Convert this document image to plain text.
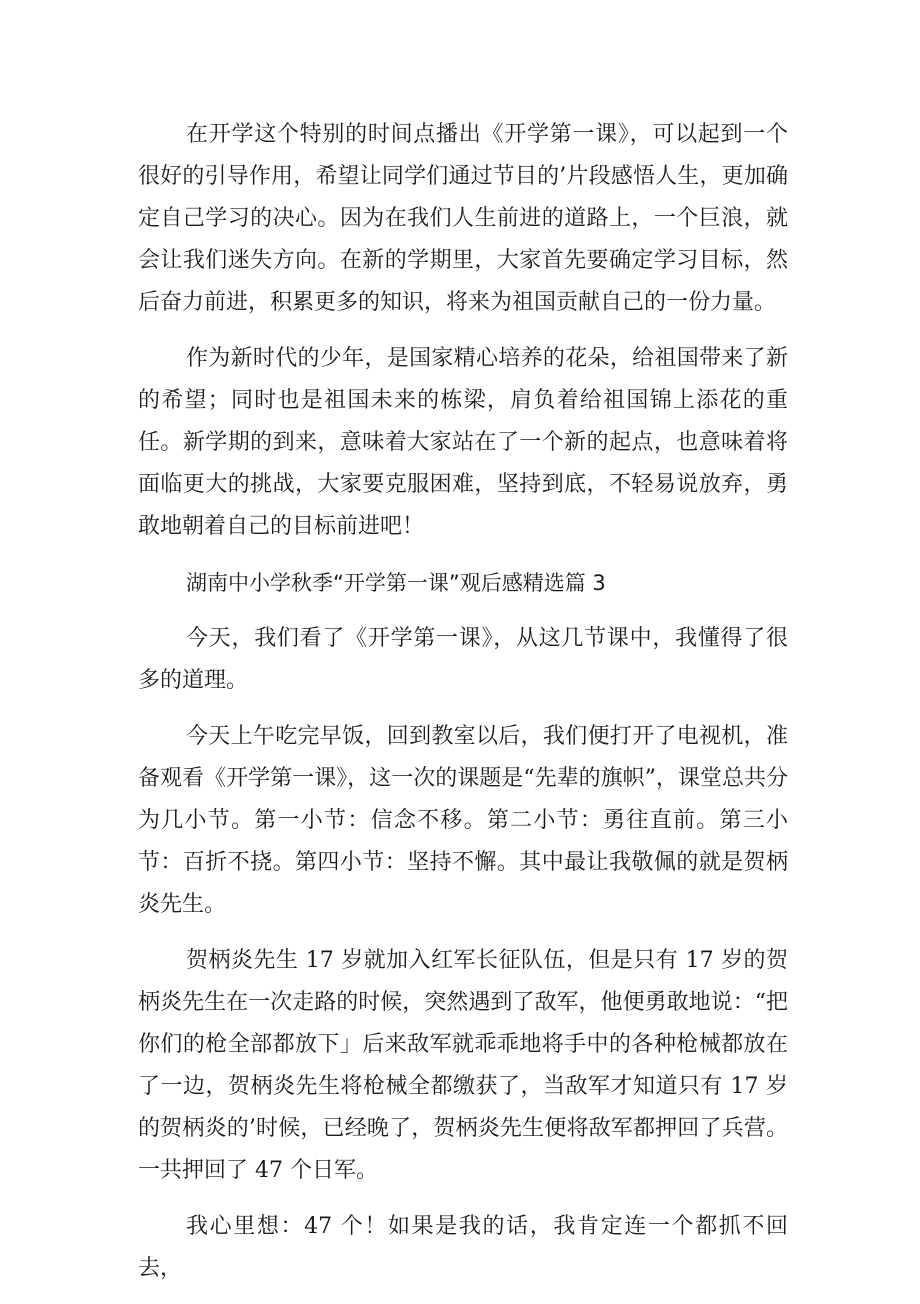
在开学这个特别的时间点播出《开学第一课》，可以起到一个很好的引导作用，希望让同学们通过节目的’片段感悟人生，更加确定自己学习的决心。因为在我们人生前进的道路上，一个巨浪，就会让我们迷失方向。在新的学期里，大家首先要确定学习目标，然后奋力前进，积累更多的知识，将来为祖国贡献自己的一份力量。

作为新时代的少年，是国家精心培养的花朵，给祖国带来了新的希望；同时也是祖国未来的栋梁，肩负着给祖国锦上添花的重任。新学期的到来，意味着大家站在了一个新的起点，也意味着将面临更大的挑战，大家要克服困难，坚持到底，不轻易说放弃，勇敢地朝着自己的目标前进吧！

湖南中小学秋季“开学第一课”观后感精选篇 3

今天，我们看了《开学第一课》，从这几节课中，我懂得了很多的道理。

今天上午吃完早饭，回到教室以后，我们便打开了电视机，准备观看《开学第一课》，这一次的课题是“先辈的旗帜”，课堂总共分为几小节。第一小节：信念不移。第二小节：勇往直前。第三小节：百折不挠。第四小节：坚持不懈。其中最让我敬佩的就是贺柄炎先生。

贺柄炎先生 17 岁就加入红军长征队伍，但是只有 17 岁的贺柄炎先生在一次走路的时候，突然遇到了敌军，他便勇敢地说：“把你们的枪全部都放下」后来敌军就乖乖地将手中的各种枪械都放在了一边，贺柄炎先生将枪械全都缴获了，当敌军才知道只有 17 岁的贺柄炎的’时候，已经晚了，贺柄炎先生便将敌军都押回了兵营。一共押回了 47 个日军。

我心里想：47 个！如果是我的话，我肯定连一个都抓不回去，
